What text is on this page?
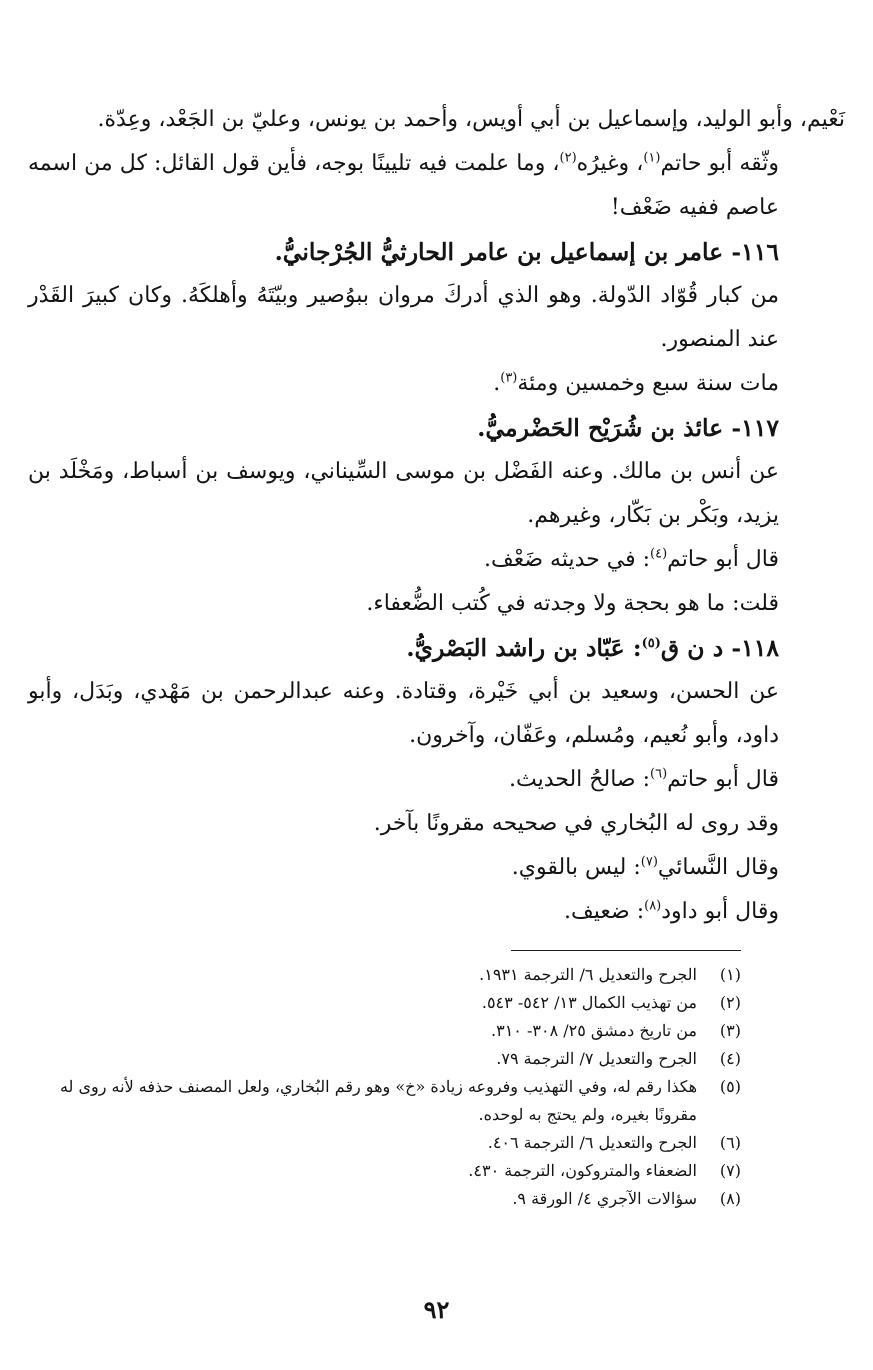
نَعْيم، وأبو الوليد، وإسماعيل بن أبي أويس، وأحمد بن يونس، وعليّ بن الجَعْد، وعِدّة.

وثّقه أبو حاتم$^{(١)}$، وغيرُه$^{(٢)}$، وما علمت فيه تليينًا بوجه، فأين قول القائل: كل من اسمه عاصم ففيه ضَعْف!

١١٦- عامر بن إسماعيل بن عامر الحارثيُّ الجُرْجانيُّ.

من كبار قُوّاد الدّولة. وهو الذي أدركَ مروان ببوُصير وبيّتَهُ وأهلكَهُ. وكان كبيرَ القَدْر عند المنصور.

مات سنة سبع وخمسين ومئة$^{(٣)}$.

١١٧- عائذ بن شُرَيْح الحَضْرميُّ.

عن أنس بن مالك. وعنه الفَضْل بن موسى السِّيناني، ويوسف بن أسباط، ومَخْلَد بن يزيد، وبَكْر بن بَكّار، وغيرهم.

قال أبو حاتم$^{(٤)}$: في حديثه ضَعْف.

قلت: ما هو بحجة ولا وجدته في كُتب الضُّعفاء.

١١٨- د ن ق$^{(٥)}$: عَبّاد بن راشد البَصْريُّ.

عن الحسن، وسعيد بن أبي خَيْرة، وقتادة. وعنه عبدالرحمن بن مَهْدي، وبَدَل، وأبو داود، وأبو نُعيم، ومُسلم، وعَفّان، وآخرون.

قال أبو حاتم$^{(٦)}$: صالحُ الحديث.

وقد روى له البُخاري في صحيحه مقرونًا بآخر.

وقال النَّسائي$^{(٧)}$: ليس بالقوي.

وقال أبو داود$^{(٨)}$: ضعيف.

(١)
الجرح والتعديل ٦/ الترجمة ١٩٣١.
(٢)
من تهذيب الكمال ١٣/ ٥٤٢- ٥٤٣.
(٣)
من تاريخ دمشق ٢٥/ ٣٠٨- ٣١٠.
(٤)
الجرح والتعديل ٧/ الترجمة ٧٩.
(٥)
هكذا رقم له، وفي التهذيب وفروعه زيادة «خ» وهو رقم البُخاري، ولعل المصنف حذفه لأنه روى له مقرونًا بغيره، ولم يحتج به لوحده.
(٦)
الجرح والتعديل ٦/ الترجمة ٤٠٦.
(٧)
الضعفاء والمتروكون، الترجمة ٤٣٠.
(٨)
سؤالات الآجري ٤/ الورقة ٩.
٩٢
